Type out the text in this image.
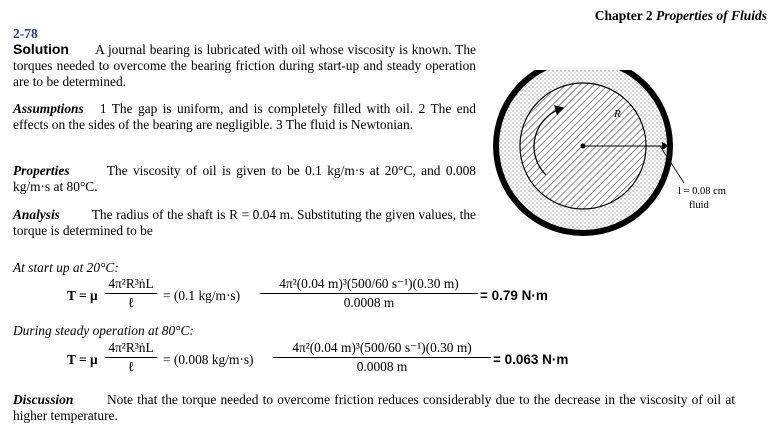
Chapter 2 Properties of Fluids
2-78
Solution A journal bearing is lubricated with oil whose viscosity is known. The torques needed to overcome the bearing friction during start-up and steady operation are to be determined.
Assumptions 1 The gap is uniform, and is completely filled with oil. 2 The end effects on the sides of the bearing are negligible. 3 The fluid is Newtonian.
Properties	The viscosity of oil is given to be 0.1 kg/m·s at 20°C, and 0.008 kg/m·s at 80°C.
Analysis The radius of the shaft is R = 0.04 m. Substituting the given values, the torque is determined to be
R
l = 0.08 cm
fluid
At start up at 20°C:
T = μ
4π²R³ṅL
ℓ	= (0.1 kg/m·s)
4π²(0.04 m)³(500/60 s⁻¹)(0.30 m)
0.0008 m	= 0.79 N·m
During steady operation at 80°C:
T = μ
4π²R³ṅL
ℓ	= (0.008 kg/m·s)
4π²(0.04 m)³(500/60 s⁻¹)(0.30 m)
0.0008 m	= 0.063 N·m
Discussion	Note that the torque needed to overcome friction reduces considerably due to the decrease in the viscosity of oil at higher temperature.
